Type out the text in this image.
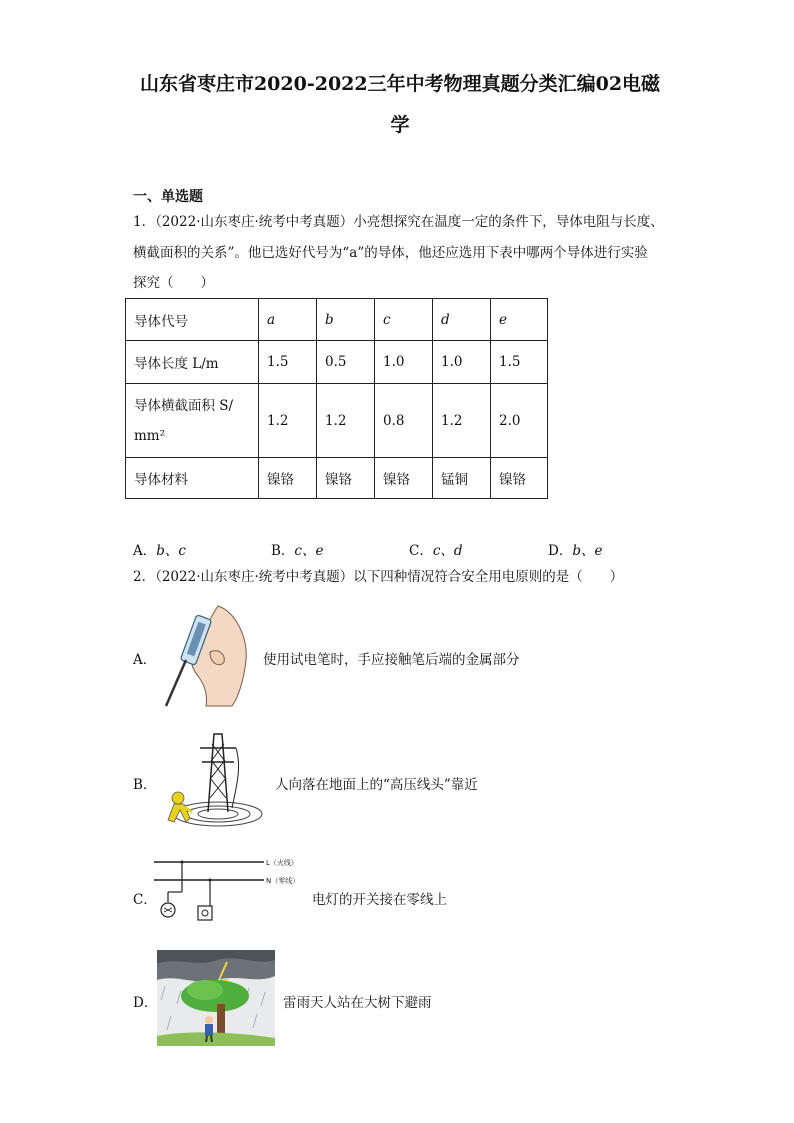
山东省枣庄市2020-2022三年中考物理真题分类汇编02电磁
学
一、单选题
1．（2022·山东枣庄·统考中考真题）小亮想探究在温度一定的条件下，导体电阻与长度、
横截面积的关系”。他已选好代号为“a”的导体，他还应选用下表中哪两个导体进行实验
探究（　　）
导体代号	a	b	c	d	e
导体长度 L/m	1.5	0.5	1.0	1.0	1.5

导体横截面积 S/
mm²	1.2	1.2	0.8	1.2	2.0
导体材料	镍铬	镍铬	镍铬	锰铜	镍铬
A．b、c	B．c、e	C．c、d	D．b、e
2．（2022·山东枣庄·统考中考真题）以下四种情况符合安全用电原则的是（　　）
A．	使用试电笔时，手应接触笔后端的金属部分
B．	人向落在地面上的“高压线头”靠近
C．
L（火线）
N（零线）
电灯的开关接在零线上
D．	雷雨天人站在大树下避雨
